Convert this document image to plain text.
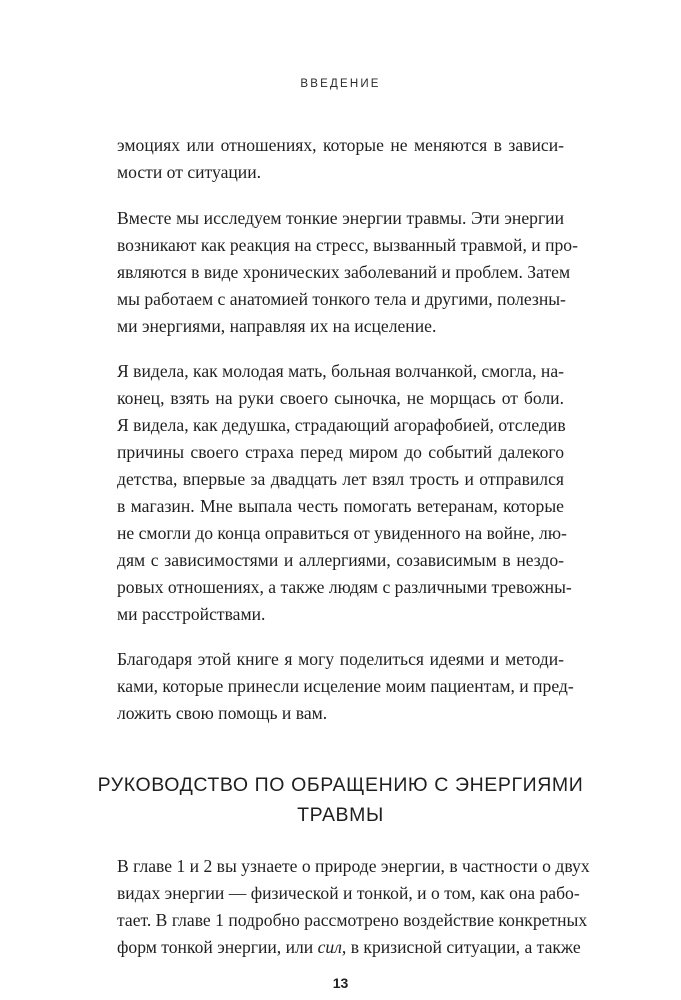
ВВЕДЕНИЕ
эмоциях или отношениях, которые не меняются в зависи-
мости от ситуации.
Вместе мы исследуем тонкие энергии травмы. Эти энергии
возникают как реакция на стресс, вызванный травмой, и про-
являются в виде хронических заболеваний и проблем. Затем
мы работаем с анатомией тонкого тела и другими, полезны-
ми энергиями, направляя их на исцеление.
Я видела, как молодая мать, больная волчанкой, смогла, на-
конец, взять на руки своего сыночка, не морщась от боли.
Я видела, как дедушка, страдающий агорафобией, отследив
причины своего страха перед миром до событий далекого
детства, впервые за двадцать лет взял трость и отправился
в магазин. Мне выпала честь помогать ветеранам, которые
не смогли до конца оправиться от увиденного на войне, лю-
дям с зависимостями и аллергиями, созависимым в нездо-
ровых отношениях, а также людям с различными тревожны-
ми расстройствами.
Благодаря этой книге я могу поделиться идеями и методи-
ками, которые принесли исцеление моим пациентам, и пред-
ложить свою помощь и вам.
РУКОВОДСТВО ПО ОБРАЩЕНИЮ С ЭНЕРГИЯМИ
ТРАВМЫ
В главе 1 и 2 вы узнаете о природе энергии, в частности о двух
видах энергии — физической и тонкой, и о том, как она рабо-
тает. В главе 1 подробно рассмотрено воздействие конкретных
форм тонкой энергии, или сил, в кризисной ситуации, а также
13
